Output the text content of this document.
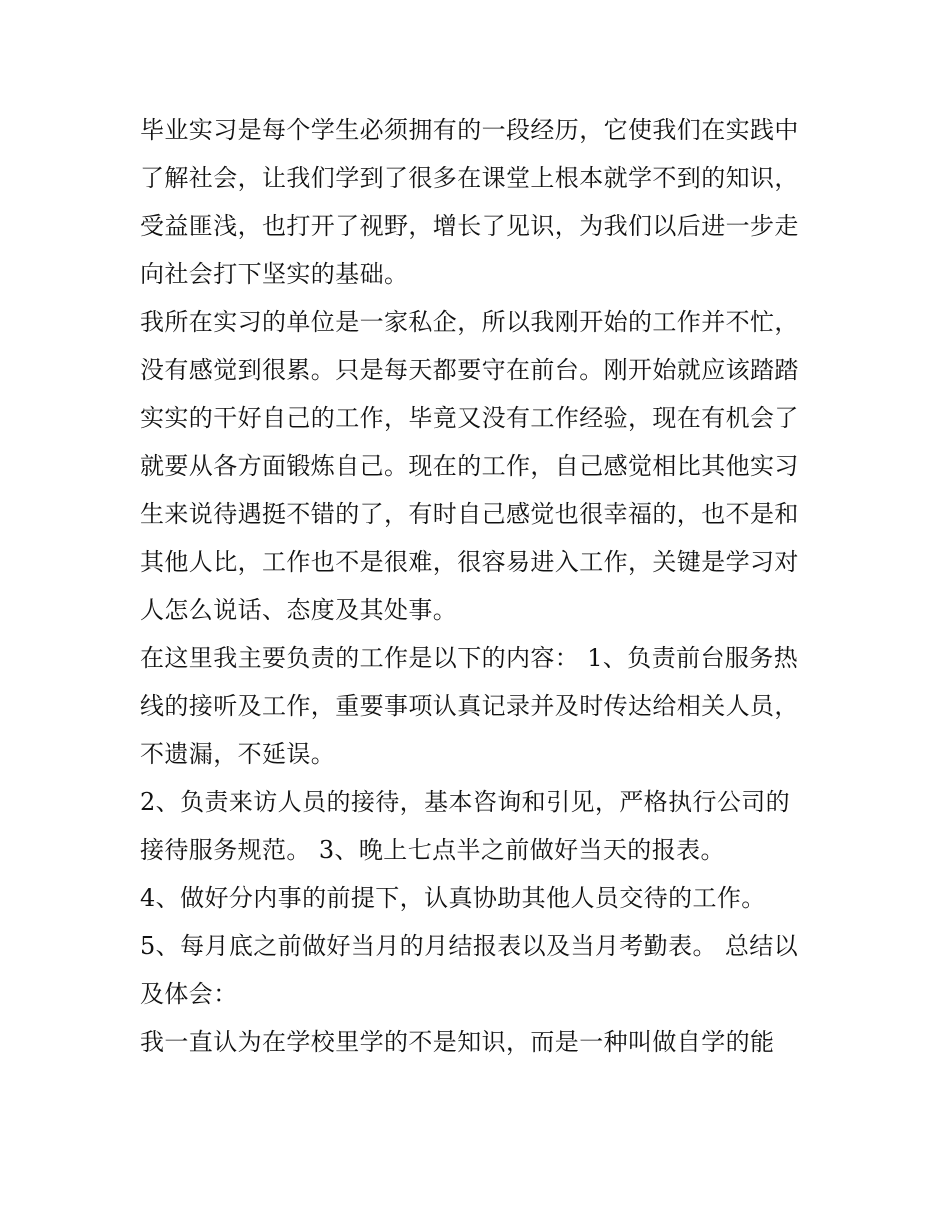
毕业实习是每个学生必须拥有的一段经历，它使我们在实践中
了解社会，让我们学到了很多在课堂上根本就学不到的知识，
受益匪浅，也打开了视野，增长了见识，为我们以后进一步走
向社会打下坚实的基础。
我所在实习的单位是一家私企，所以我刚开始的工作并不忙，
没有感觉到很累。只是每天都要守在前台。刚开始就应该踏踏
实实的干好自己的工作，毕竟又没有工作经验，现在有机会了
就要从各方面锻炼自己。现在的工作，自己感觉相比其他实习
生来说待遇挺不错的了，有时自己感觉也很幸福的，也不是和
其他人比，工作也不是很难，很容易进入工作，关键是学习对
人怎么说话、态度及其处事。
在这里我主要负责的工作是以下的内容： 1、负责前台服务热
线的接听及工作，重要事项认真记录并及时传达给相关人员，
不遗漏，不延误。
2、负责来访人员的接待，基本咨询和引见，严格执行公司的
接待服务规范。 3、晚上七点半之前做好当天的报表。
4、做好分内事的前提下，认真协助其他人员交待的工作。
5、每月底之前做好当月的月结报表以及当月考勤表。 总结以
及体会：
我一直认为在学校里学的不是知识，而是一种叫做自学的能
